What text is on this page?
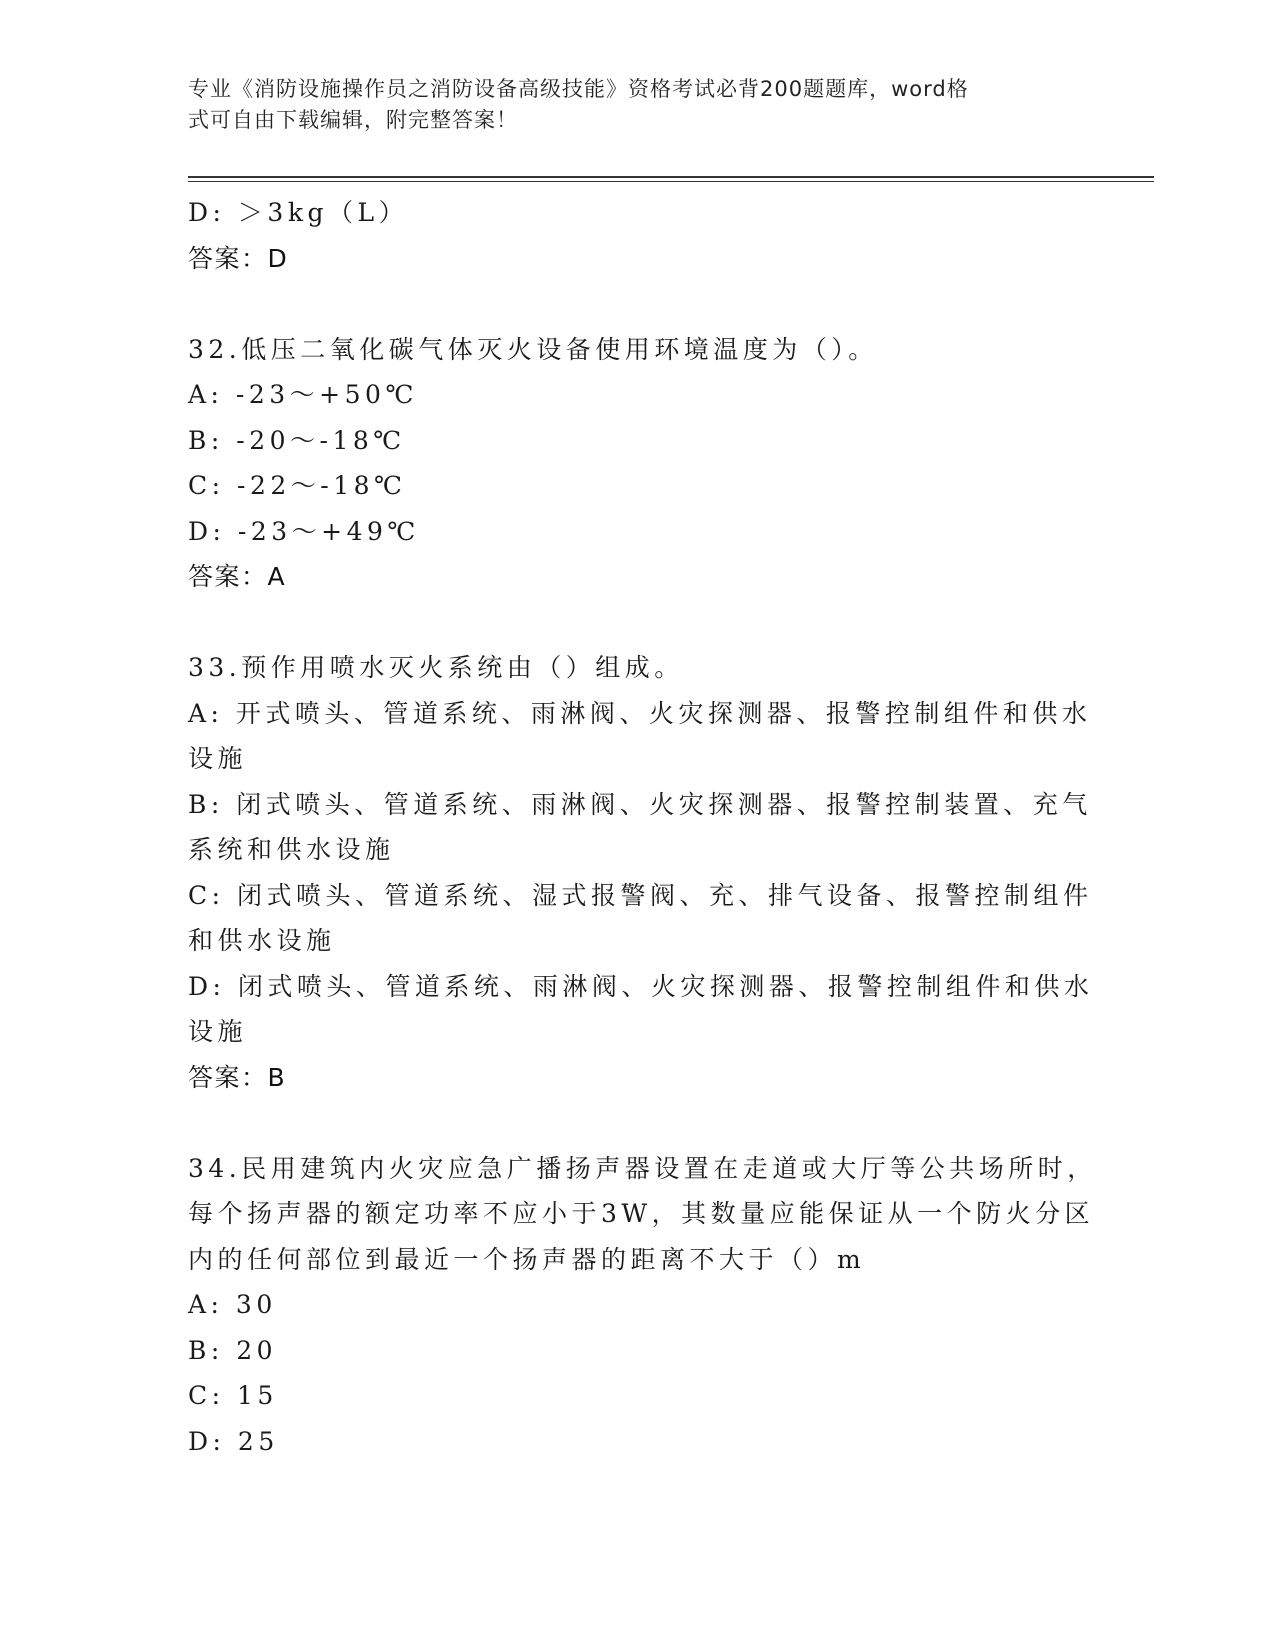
专业《消防设施操作员之消防设备高级技能》资格考试必背200题题库，word格
式可自由下载编辑，附完整答案！
D: ＞3kg（L）
答案：D
32.低压二氧化碳气体灭火设备使用环境温度为（）。
A: -23～+50℃
B: -20～-18℃
C: -22～-18℃
D: -23～+49℃
答案：A
33.预作用喷水灭火系统由（）组成。
A: 开式喷头、管道系统、雨淋阀、火灾探测器、报警控制组件和供水
设施
B: 闭式喷头、管道系统、雨淋阀、火灾探测器、报警控制装置、充气
系统和供水设施
C: 闭式喷头、管道系统、湿式报警阀、充、排气设备、报警控制组件
和供水设施
D: 闭式喷头、管道系统、雨淋阀、火灾探测器、报警控制组件和供水
设施
答案：B
34.民用建筑内火灾应急广播扬声器设置在走道或大厅等公共场所时，
每个扬声器的额定功率不应小于3W，其数量应能保证从一个防火分区
内的任何部位到最近一个扬声器的距离不大于（）m
A: 30
B: 20
C: 15
D: 25
